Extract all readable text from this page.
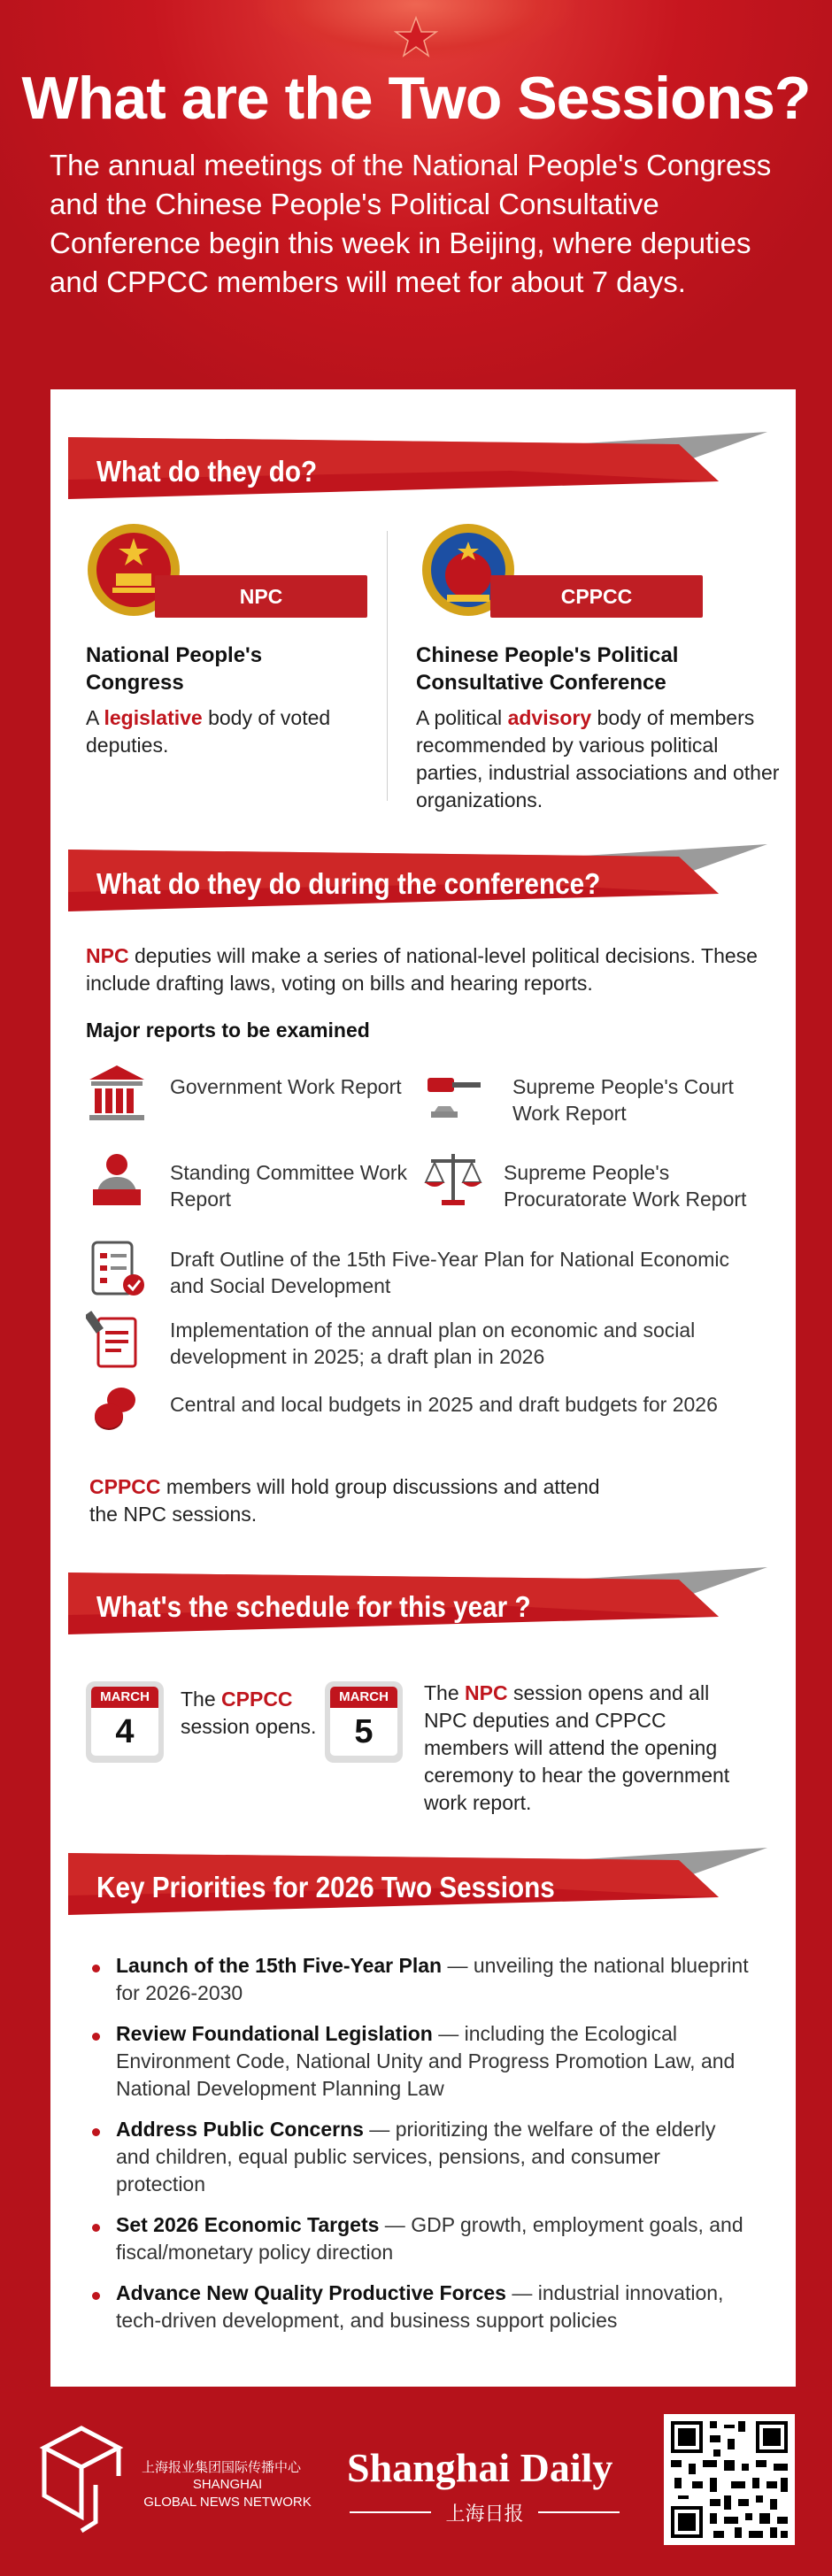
What are the Two Sessions?
The annual meetings of the National People's Congress and the Chinese People's Political Consultative Conference begin this week in Beijing, where deputies and CPPCC members will meet for about 7 days.
What do they do?
NPC
National People's Congress
A legislative body of voted deputies.
CPPCC
Chinese People's Political Consultative Conference
A political advisory body of members recommended by various political parties, industrial associations and other organizations.
What do they do during the conference?
NPC deputies will make a series of national-level political decisions. These include drafting laws, voting on bills and hearing reports.
Major reports to be examined
Government Work Report	Supreme People's Court Work Report
Standing Committee Work Report
Supreme People's Procuratorate Work Report
Draft Outline of the 15th Five-Year Plan for National Economic and Social Development
Implementation of the annual plan on economic and social development in 2025; a draft plan in 2026
Central and local budgets in 2025 and draft budgets for 2026
CPPCC members will hold group discussions and attend the NPC sessions.
What's the schedule for this year ?
MARCH
4
The CPPCC session opens.
MARCH
5
The NPC session opens and all NPC deputies and CPPCC members will attend the opening ceremony to hear the government work report.
Key Priorities for 2026 Two Sessions
Launch of the 15th Five-Year Plan — unveiling the national blueprint for 2026-2030
Review Foundational Legislation — including the Ecological Environment Code, National Unity and Progress Promotion Law, and National Development Planning Law
Address Public Concerns — prioritizing the welfare of the elderly and children, equal public services, pensions, and consumer protection
Set 2026 Economic Targets — GDP growth, employment goals, and fiscal/monetary policy direction
Advance New Quality Productive Forces — industrial innovation, tech-driven development, and business support policies
上海报业集团国际传播中心
SHANGHAI
GLOBAL NEWS NETWORK
Shanghai Daily
上海日报
